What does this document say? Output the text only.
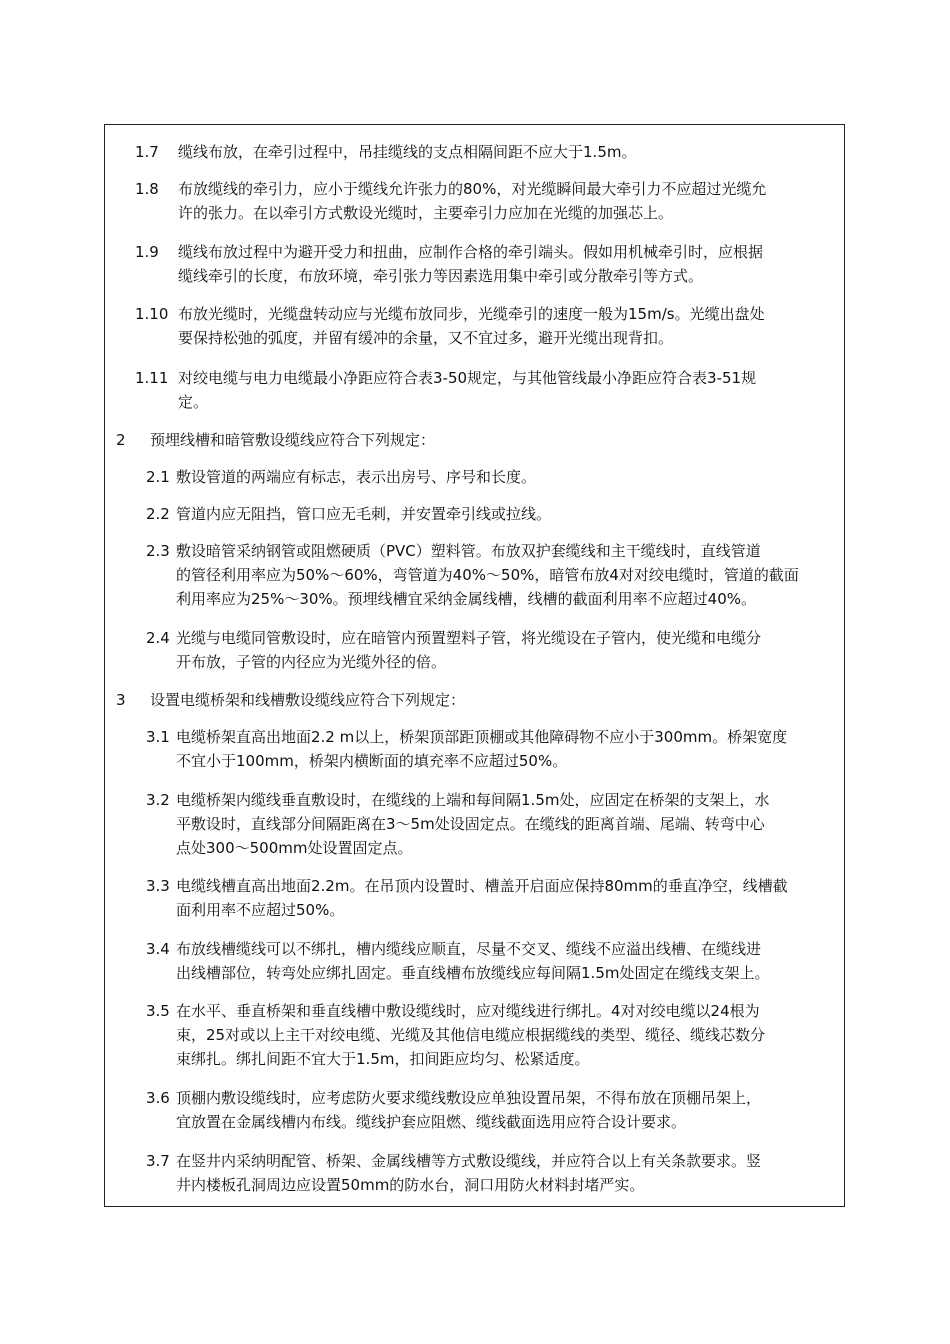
1.7 缆线布放，在牵引过程中，吊挂缆线的支点相隔间距不应大于1.5m。
1.8 布放缆线的牵引力，应小于缆线允许张力的80%，对光缆瞬间最大牵引力不应超过光缆允
许的张力。在以牵引方式敷设光缆时，主要牵引力应加在光缆的加强芯上。
1.9 缆线布放过程中为避开受力和扭曲，应制作合格的牵引端头。假如用机械牵引时，应根据
缆线牵引的长度，布放环境，牵引张力等因素选用集中牵引或分散牵引等方式。
1.10 布放光缆时，光缆盘转动应与光缆布放同步，光缆牵引的速度一般为15m/s。光缆出盘处
要保持松弛的弧度，并留有缓冲的余量，又不宜过多，避开光缆出现背扣。
1.11 对绞电缆与电力电缆最小净距应符合表3-50规定，与其他管线最小净距应符合表3-51规
定。
2 预埋线槽和暗管敷设缆线应符合下列规定：
2.1 敷设管道的两端应有标志，表示出房号、序号和长度。
2.2 管道内应无阻挡，管口应无毛刺，并安置牵引线或拉线。
2.3 敷设暗管采纳钢管或阻燃硬质（PVC）塑料管。布放双护套缆线和主干缆线时，直线管道
的管径利用率应为50%～60%，弯管道为40%～50%，暗管布放4对对绞电缆时，管道的截面
利用率应为25%～30%。预埋线槽宜采纳金属线槽，线槽的截面利用率不应超过40%。
2.4 光缆与电缆同管敷设时，应在暗管内预置塑料子管，将光缆设在子管内，使光缆和电缆分
开布放，子管的内径应为光缆外径的倍。
3 设置电缆桥架和线槽敷设缆线应符合下列规定：
3.1 电缆桥架直高出地面2.2 m以上，桥架顶部距顶棚或其他障碍物不应小于300mm。桥架宽度
不宜小于100mm，桥架内横断面的填充率不应超过50%。
3.2 电缆桥架内缆线垂直敷设时，在缆线的上端和每间隔1.5m处，应固定在桥架的支架上，水
平敷设时，直线部分间隔距离在3～5m处设固定点。在缆线的距离首端、尾端、转弯中心
点处300～500mm处设置固定点。
3.3 电缆线槽直高出地面2.2m。在吊顶内设置时、槽盖开启面应保持80mm的垂直净空，线槽截
面利用率不应超过50%。
3.4 布放线槽缆线可以不绑扎，槽内缆线应顺直，尽量不交叉、缆线不应溢出线槽、在缆线进
出线槽部位，转弯处应绑扎固定。垂直线槽布放缆线应每间隔1.5m处固定在缆线支架上。
3.5 在水平、垂直桥架和垂直线槽中敷设缆线时，应对缆线进行绑扎。4对对绞电缆以24根为
束，25对或以上主干对绞电缆、光缆及其他信电缆应根据缆线的类型、缆径、缆线芯数分
束绑扎。绑扎间距不宜大于1.5m，扣间距应均匀、松紧适度。
3.6 顶棚内敷设缆线时，应考虑防火要求缆线敷设应单独设置吊架，不得布放在顶棚吊架上，
宜放置在金属线槽内布线。缆线护套应阻燃、缆线截面选用应符合设计要求。
3.7 在竖井内采纳明配管、桥架、金属线槽等方式敷设缆线，并应符合以上有关条款要求。竖
井内楼板孔洞周边应设置50mm的防水台，洞口用防火材料封堵严实。
